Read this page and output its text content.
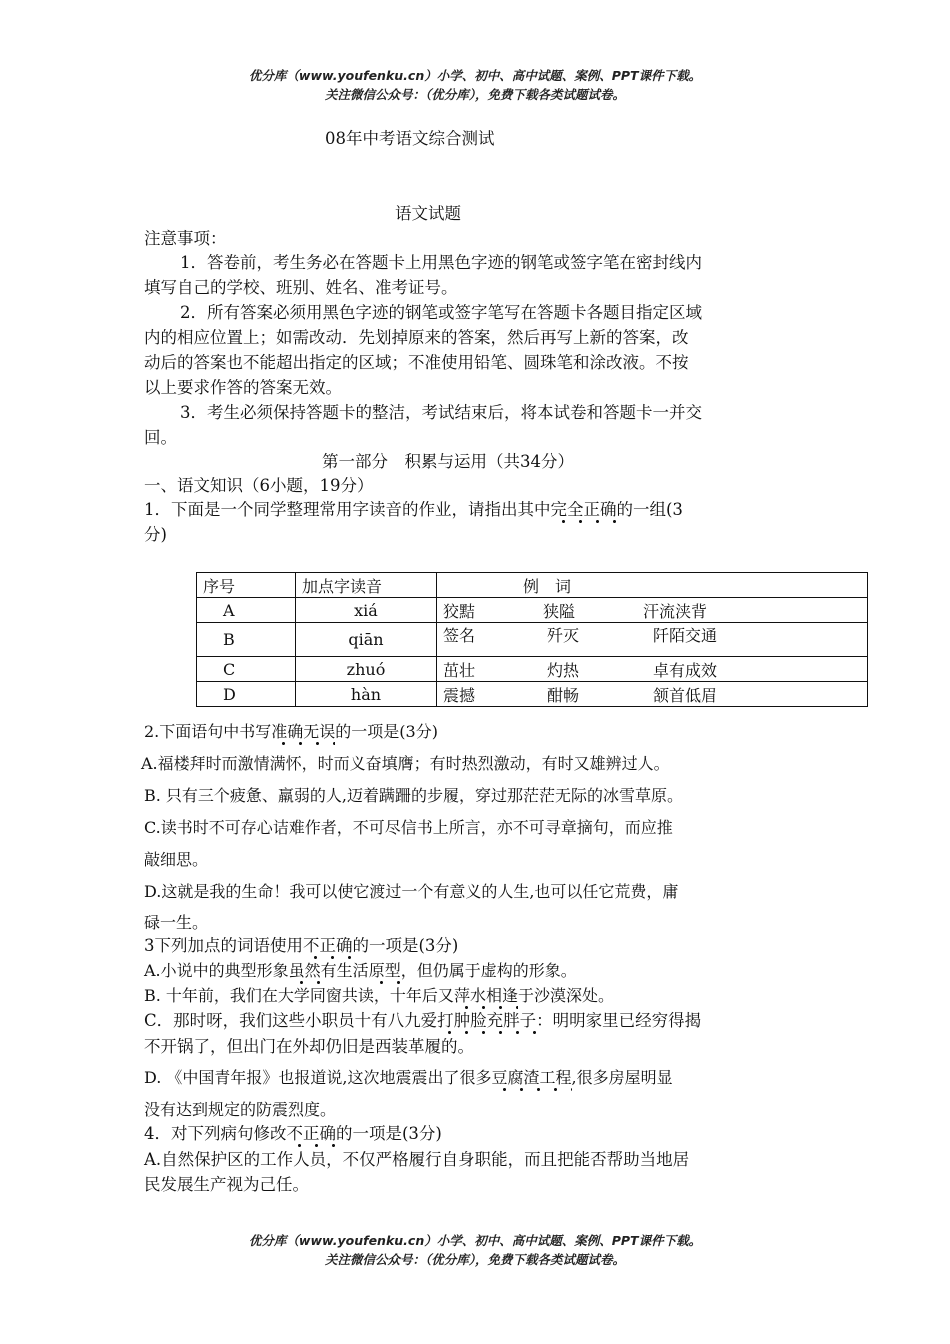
优分库（www.youfenku.cn）小学、初中、高中试题、案例、PPT课件下载。
关注微信公众号：（优分库），免费下载各类试题试卷。
08年中考语文综合测试
语文试题
注意事项：
1．答卷前，考生务必在答题卡上用黑色字迹的钢笔或签字笔在密封线内
填写自己的学校、班别、姓名、准考证号。
2．所有答案必须用黑色字迹的钢笔或签字笔写在答题卡各题目指定区域
内的相应位置上；如需改动．先划掉原来的答案，然后再写上新的答案，改
动后的答案也不能超出指定的区域；不准使用铅笔、圆珠笔和涂改液。不按
以上要求作答的答案无效。
3．考生必须保持答题卡的整洁，考试结束后，将本试卷和答题卡一并交
回。
第一部分　积累与运用（共34分）
一、语文知识（6小题，19分）
1．下面是一个同学整理常用字读音的作业，请指出其中完全正确的一组(3
分)
序号	加点字读音	例　词
A	xiá	狡黠 狭隘 汗流浃背
B	qiān	签名 歼灭 阡陌交通
C	zhuó	茁壮 灼热 卓有成效
D	hàn	震撼 酣畅 颔首低眉
2.下面语句中书写准确无误的一项是(3分)
A.福楼拜时而激情满怀，时而义奋填膺；有时热烈激动，有时又雄辨过人。
B. 只有三个疲惫、羸弱的人,迈着蹒跚的步履，穿过那茫茫无际的冰雪草原。
C.读书时不可存心诘难作者，不可尽信书上所言，亦不可寻章摘句，而应推
敲细思。
D.这就是我的生命！我可以使它渡过一个有意义的人生,也可以任它荒费，庸
碌一生。
3下列加点的词语使用不正确的一项是(3分)
A.小说中的典型形象虽然有生活原型，但仍属于虚构的形象。
B. 十年前，我们在大学同窗共读，十年后又萍水相逢于沙漠深处。
C．那时呀，我们这些小职员十有八九爱打肿脸充胖子：明明家里已经穷得揭
不开锅了，但出门在外却仍旧是西装革履的。
D. 《中国青年报》也报道说,这次地震震出了很多豆腐渣工程,很多房屋明显
没有达到规定的防震烈度。
4．对下列病句修改不正确的一项是(3分)
A.自然保护区的工作人员，不仅严格履行自身职能，而且把能否帮助当地居
民发展生产视为己任。
优分库（www.youfenku.cn）小学、初中、高中试题、案例、PPT课件下载。
关注微信公众号：（优分库），免费下载各类试题试卷。
